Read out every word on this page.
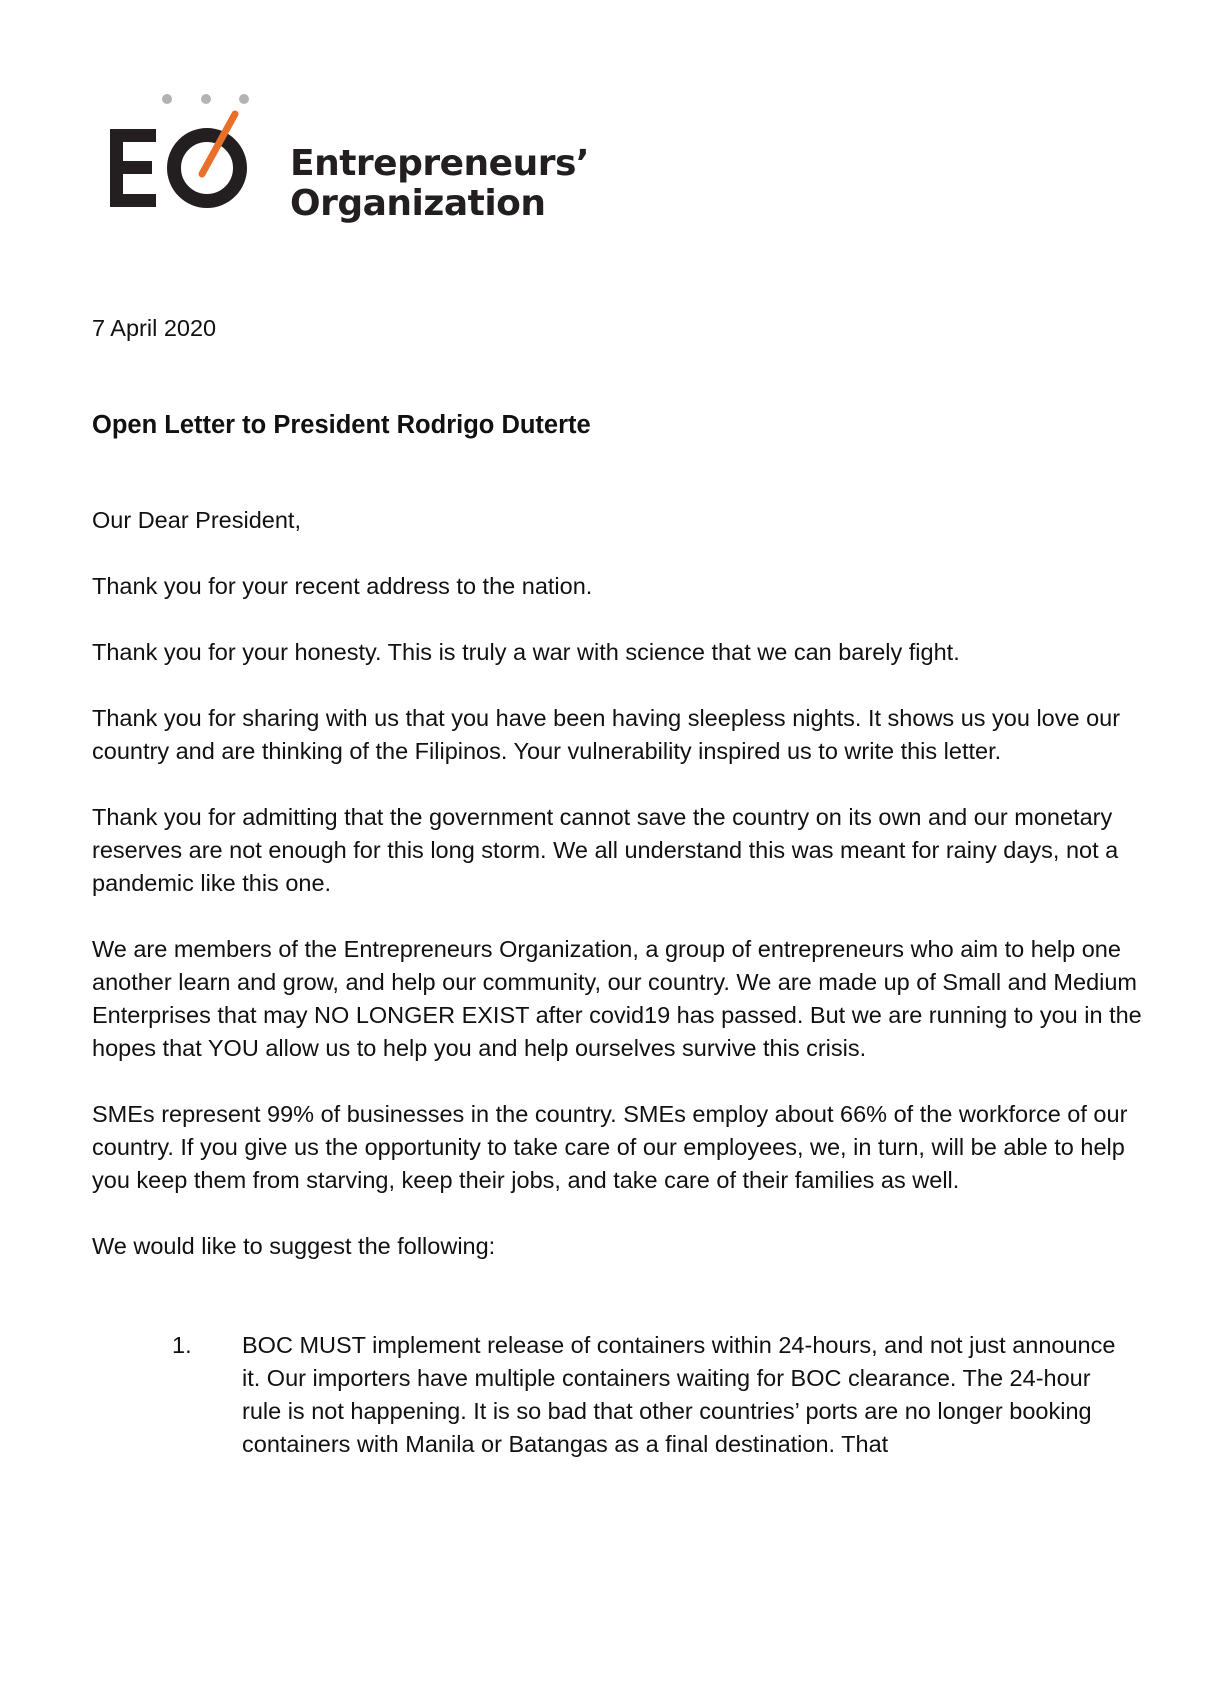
Entrepreneurs’
Organization

7 April 2020

Open Letter to President Rodrigo Duterte

Our Dear President,

Thank you for your recent address to the nation.

Thank you for your honesty. This is truly a war with science that we can barely fight.

Thank you for sharing with us that you have been having sleepless nights. It shows us you love our country and are thinking of the Filipinos. Your vulnerability inspired us to write this letter.

Thank you for admitting that the government cannot save the country on its own and our monetary reserves are not enough for this long storm. We all understand this was meant for rainy days, not a pandemic like this one.

We are members of the Entrepreneurs Organization, a group of entrepreneurs who aim to help one another learn and grow, and help our community, our country. We are made up of Small and Medium Enterprises that may NO LONGER EXIST after covid19 has passed. But we are running to you in the hopes that YOU allow us to help you and help ourselves survive this crisis.

SMEs represent 99% of businesses in the country. SMEs employ about 66% of the workforce of our country. If you give us the opportunity to take care of our employees, we, in turn, will be able to help you keep them from starving, keep their jobs, and take care of their families as well.

We would like to suggest the following:

1.	BOC MUST implement release of containers within 24-hours, and not just announce it. Our importers have multiple containers waiting for BOC clearance. The 24-hour rule is not happening. It is so bad that other countries’ ports are no longer booking containers with Manila or Batangas as a final destination. That
